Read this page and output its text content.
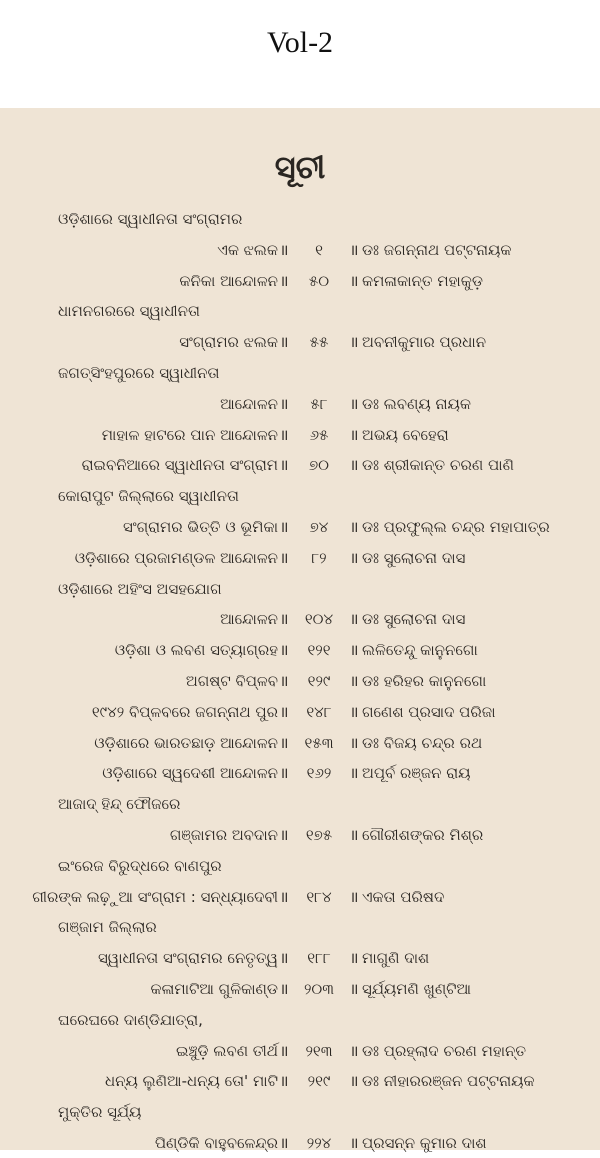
Vol-2
ସୂଚୀ
ଓଡ଼ିଶାରେ ସ୍ୱାଧୀନତା ସଂଗ୍ରାମର
ଏକ ଝଲକ ॥	୧	॥ ଡଃ ଜଗନ୍ନାଥ ପଟ୍ଟନାୟକ
କନିକା ଆନ୍ଦୋଳନ ॥	୫୦	॥ କମଳାକାନ୍ତ ମହାକୁଡ଼
ଧାମନଗରରେ ସ୍ୱାଧୀନତା
ସଂଗ୍ରାମର ଝଲକ ॥	୫୫	॥ ଅବନୀକୁମାର ପ୍ରଧାନ
ଜଗତ୍‌ସିଂହପୁରରେ ସ୍ୱାଧୀନତା
ଆନ୍ଦୋଳନ ॥	୫୮	॥ ଡଃ ଲବଣ୍ୟ ନାୟକ
ମାହାଳ ହାଟରେ ପାନ ଆନ୍ଦୋଳନ ॥	୬୫	॥ ଅଭୟ ବେହେରା
ରାଇବନିଆରେ ସ୍ୱାଧୀନତା ସଂଗ୍ରାମ ॥	୭୦	॥ ଡଃ ଶ୍ରୀକାନ୍ତ ଚରଣ ପାଣି
କୋରାପୁଟ ଜିଲ୍ଲାରେ ସ୍ୱାଧୀନତା
ସଂଗ୍ରାମର ଭିତ୍ତି ଓ ଭୂମିକା ॥	୭୪	॥ ଡଃ ପ୍ରଫୁଲ୍ଲ ଚନ୍ଦ୍ର ମହାପାତ୍ର
ଓଡ଼ିଶାରେ ପ୍ରଜାମଣ୍ଡଳ ଆନ୍ଦୋଳନ ॥	୮୨	॥ ଡଃ ସୁଲୋଚନା ଦାସ
ଓଡ଼ିଶାରେ ଅହିଂସ ଅସହଯୋଗ
ଆନ୍ଦୋଳନ ॥	୧୦୪	॥ ଡଃ ସୁଲୋଚନା ଦାସ
ଓଡ଼ିଶା ଓ ଲବଣ ସତ୍ୟାଗ୍ରହ ॥	୧୨୧	॥ ଲଳିତେନ୍ଦୁ କାନୁନଗୋ
ଅଗଷ୍ଟ ବିପ୍ଳବ ॥	୧୨୯	॥ ଡଃ ହରିହର କାନୁନଗୋ
୧୯୪୨ ବିପ୍ଳବରେ ଜଗନ୍ନାଥ ପୁର ॥	୧୪୮	॥ ଗଣେଶ ପ୍ରସାଦ ପରିଜା
ଓଡ଼ିଶାରେ ଭାରତଛାଡ଼ ଆନ୍ଦୋଳନ ॥	୧୫୩	॥ ଡଃ ବିଜୟ ଚନ୍ଦ୍ର ରଥ
ଓଡ଼ିଶାରେ ସ୍ୱଦେଶୀ ଆନ୍ଦୋଳନ ॥	୧୬୨	॥ ଅପୂର୍ବ ରଞ୍ଜନ ରାୟ
ଆଜାଦ୍ ହିନ୍ଦ୍ ଫୌଜରେ
ଗଞ୍ଜାମର ଅବଦାନ ॥	୧୭୫	॥ ଗୌରୀଶଙ୍କର ମିଶ୍ର
ଇଂରେଜ ବିରୁଦ୍ଧରେ ବାଣପୁର
ଗୀରଙ୍କ ଲଢ଼ୁଆ ସଂଗ୍ରାମ : ସନ୍ଧ୍ୟାଦେବୀ ॥	୧୮୪	॥ ଏକତା ପରିଷଦ
ଗଞ୍ଜାମ ଜିଲ୍ଲାର
ସ୍ୱାଧୀନତା ସଂଗ୍ରାମର ନେତୃତ୍ୱ ॥	୧୮୮	॥ ମାଗୁଣି ଦାଶ
କଳାମାଟିଆ ଗୁଳିକାଣ୍ଡ ॥	୨୦୩	॥ ସୂର୍ଯ୍ୟମଣି ଖୁଣ୍ଟିଆ
ଘରେଘରେ ଦାଣ୍ଡିଯାତ୍ରା,
ଇଞ୍ଚୁଡ଼ି ଲବଣ ତୀର୍ଥ ॥	୨୧୩	॥ ଡଃ ପ୍ରହ୍ଲାଦ ଚରଣ ମହାନ୍ତ
ଧନ୍ୟ ଲୁଣିଆ-ଧନ୍ୟ ତୋ' ମାଟି ॥	୨୧୯	॥ ଡଃ ନୀହାରରଞ୍ଜନ ପଟ୍ଟନାୟକ
ମୁକ୍ତିର ସୂର୍ଯ୍ୟ
ପିଣ୍ଡିକି ବାହୁବଳେନ୍ଦ୍ର ॥	୨୨୪	॥ ପ୍ରସନ୍ନ କୁମାର ଦାଶ
